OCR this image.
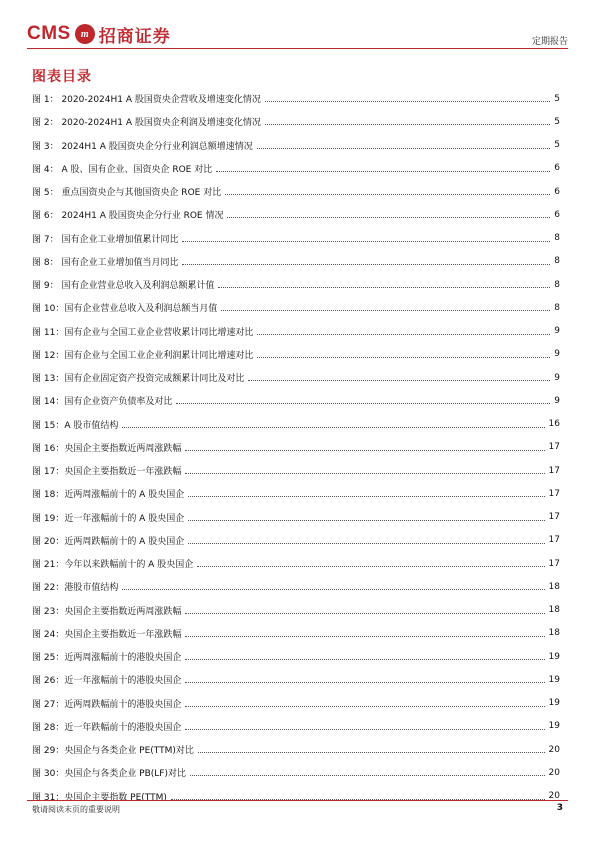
CMS	m 招商证券	定期报告
图表目录
图 1： 2020-2024H1 A 股国资央企营收及增速变化情况	5
图 2： 2020-2024H1 A 股国资央企利润及增速变化情况	5
图 3： 2024H1 A 股国资央企分行业利润总额增速情况	5
图 4： A 股、国有企业、国资央企 ROE 对比	6
图 5： 重点国资央企与其他国资央企 ROE 对比	6
图 6： 2024H1 A 股国资央企分行业 ROE 情况	6
图 7： 国有企业工业增加值累计同比	8
图 8： 国有企业工业增加值当月同比	8
图 9： 国有企业营业总收入及利润总额累计值	8
图 10：国有企业营业总收入及利润总额当月值	8
图 11：国有企业与全国工业企业营收累计同比增速对比	9
图 12：国有企业与全国工业企业利润累计同比增速对比	9
图 13：国有企业固定资产投资完成额累计同比及对比	9
图 14：国有企业资产负债率及对比	9
图 15：A 股市值结构	16
图 16：央国企主要指数近两周涨跌幅	17
图 17：央国企主要指数近一年涨跌幅	17
图 18：近两周涨幅前十的 A 股央国企	17
图 19：近一年涨幅前十的 A 股央国企	17
图 20：近两周跌幅前十的 A 股央国企	17
图 21：今年以来跌幅前十的 A 股央国企	17
图 22：港股市值结构	18
图 23：央国企主要指数近两周涨跌幅	18
图 24：央国企主要指数近一年涨跌幅	18
图 25：近两周涨幅前十的港股央国企	19
图 26：近一年涨幅前十的港股央国企	19
图 27：近两周跌幅前十的港股央国企	19
图 28：近一年跌幅前十的港股央国企	19
图 29：央国企与各类企业 PE(TTM)对比	20
图 30：央国企与各类企业 PB(LF)对比	20
图 31：央国企主要指数 PE(TTM)	20
敬请阅读末页的重要说明	3
